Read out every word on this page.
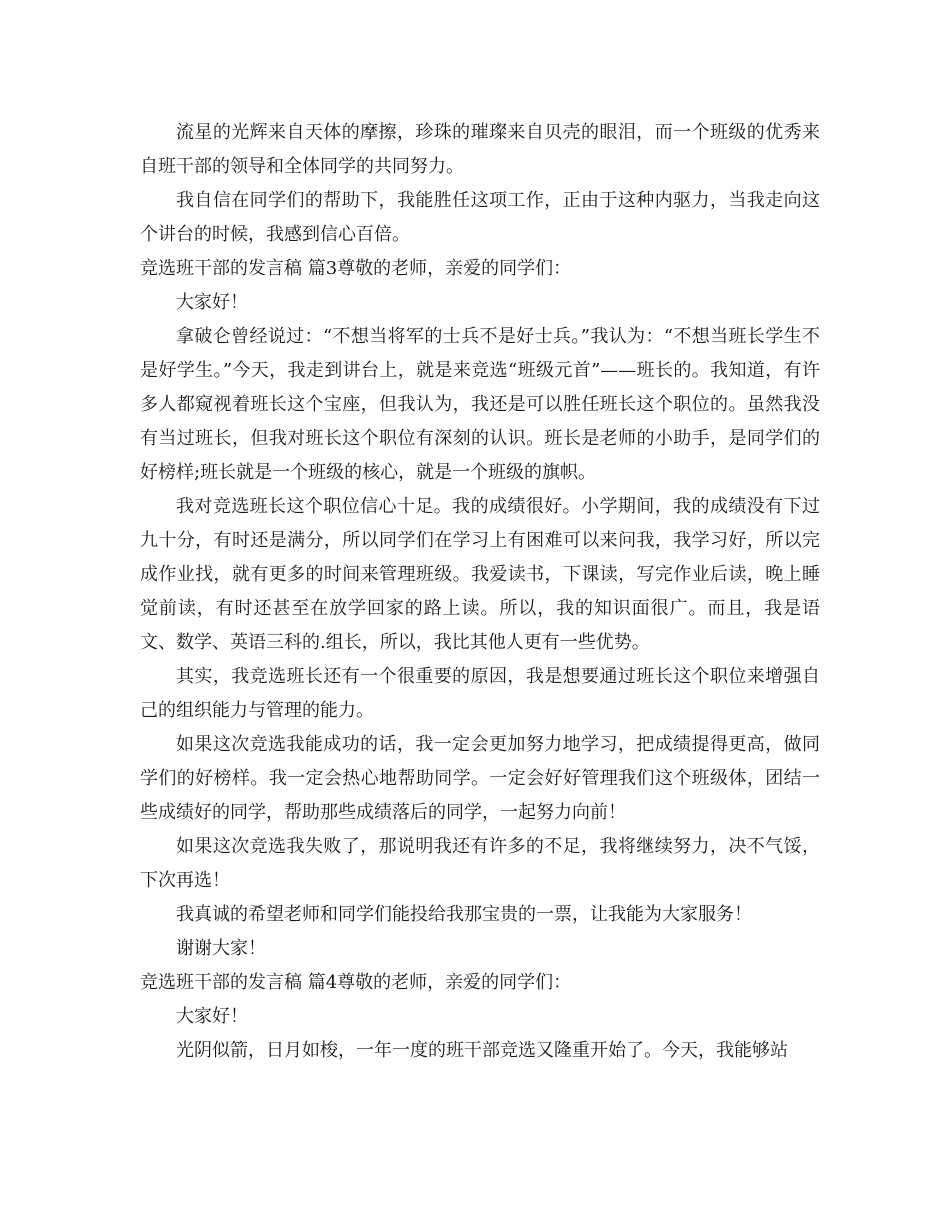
流星的光辉来自天体的摩擦，珍珠的璀璨来自贝壳的眼泪，而一个班级的优秀来自班干部的领导和全体同学的共同努力。

我自信在同学们的帮助下，我能胜任这项工作，正由于这种内驱力，当我走向这个讲台的时候，我感到信心百倍。

竞选班干部的发言稿 篇3尊敬的老师，亲爱的同学们：

大家好！

拿破仑曾经说过：“不想当将军的士兵不是好士兵。”我认为：“不想当班长学生不是好学生。”今天，我走到讲台上，就是来竞选“班级元首”——班长的。我知道，有许多人都窥视着班长这个宝座，但我认为，我还是可以胜任班长这个职位的。虽然我没有当过班长，但我对班长这个职位有深刻的认识。班长是老师的小助手，是同学们的好榜样;班长就是一个班级的核心，就是一个班级的旗帜。

我对竞选班长这个职位信心十足。我的成绩很好。小学期间，我的成绩没有下过九十分，有时还是满分，所以同学们在学习上有困难可以来问我，我学习好，所以完成作业找，就有更多的时间来管理班级。我爱读书，下课读，写完作业后读，晚上睡觉前读，有时还甚至在放学回家的路上读。所以，我的知识面很广。而且，我是语文、数学、英语三科的.组长，所以，我比其他人更有一些优势。

其实，我竞选班长还有一个很重要的原因，我是想要通过班长这个职位来增强自己的组织能力与管理的能力。

如果这次竞选我能成功的话，我一定会更加努力地学习，把成绩提得更高，做同学们的好榜样。我一定会热心地帮助同学。一定会好好管理我们这个班级体，团结一些成绩好的同学，帮助那些成绩落后的同学，一起努力向前！

如果这次竞选我失败了，那说明我还有许多的不足，我将继续努力，决不气馁，下次再选！

我真诚的希望老师和同学们能投给我那宝贵的一票，让我能为大家服务！

谢谢大家！

竞选班干部的发言稿 篇4尊敬的老师，亲爱的同学们：

大家好！

光阴似箭，日月如梭，一年一度的班干部竞选又隆重开始了。今天，我能够站
